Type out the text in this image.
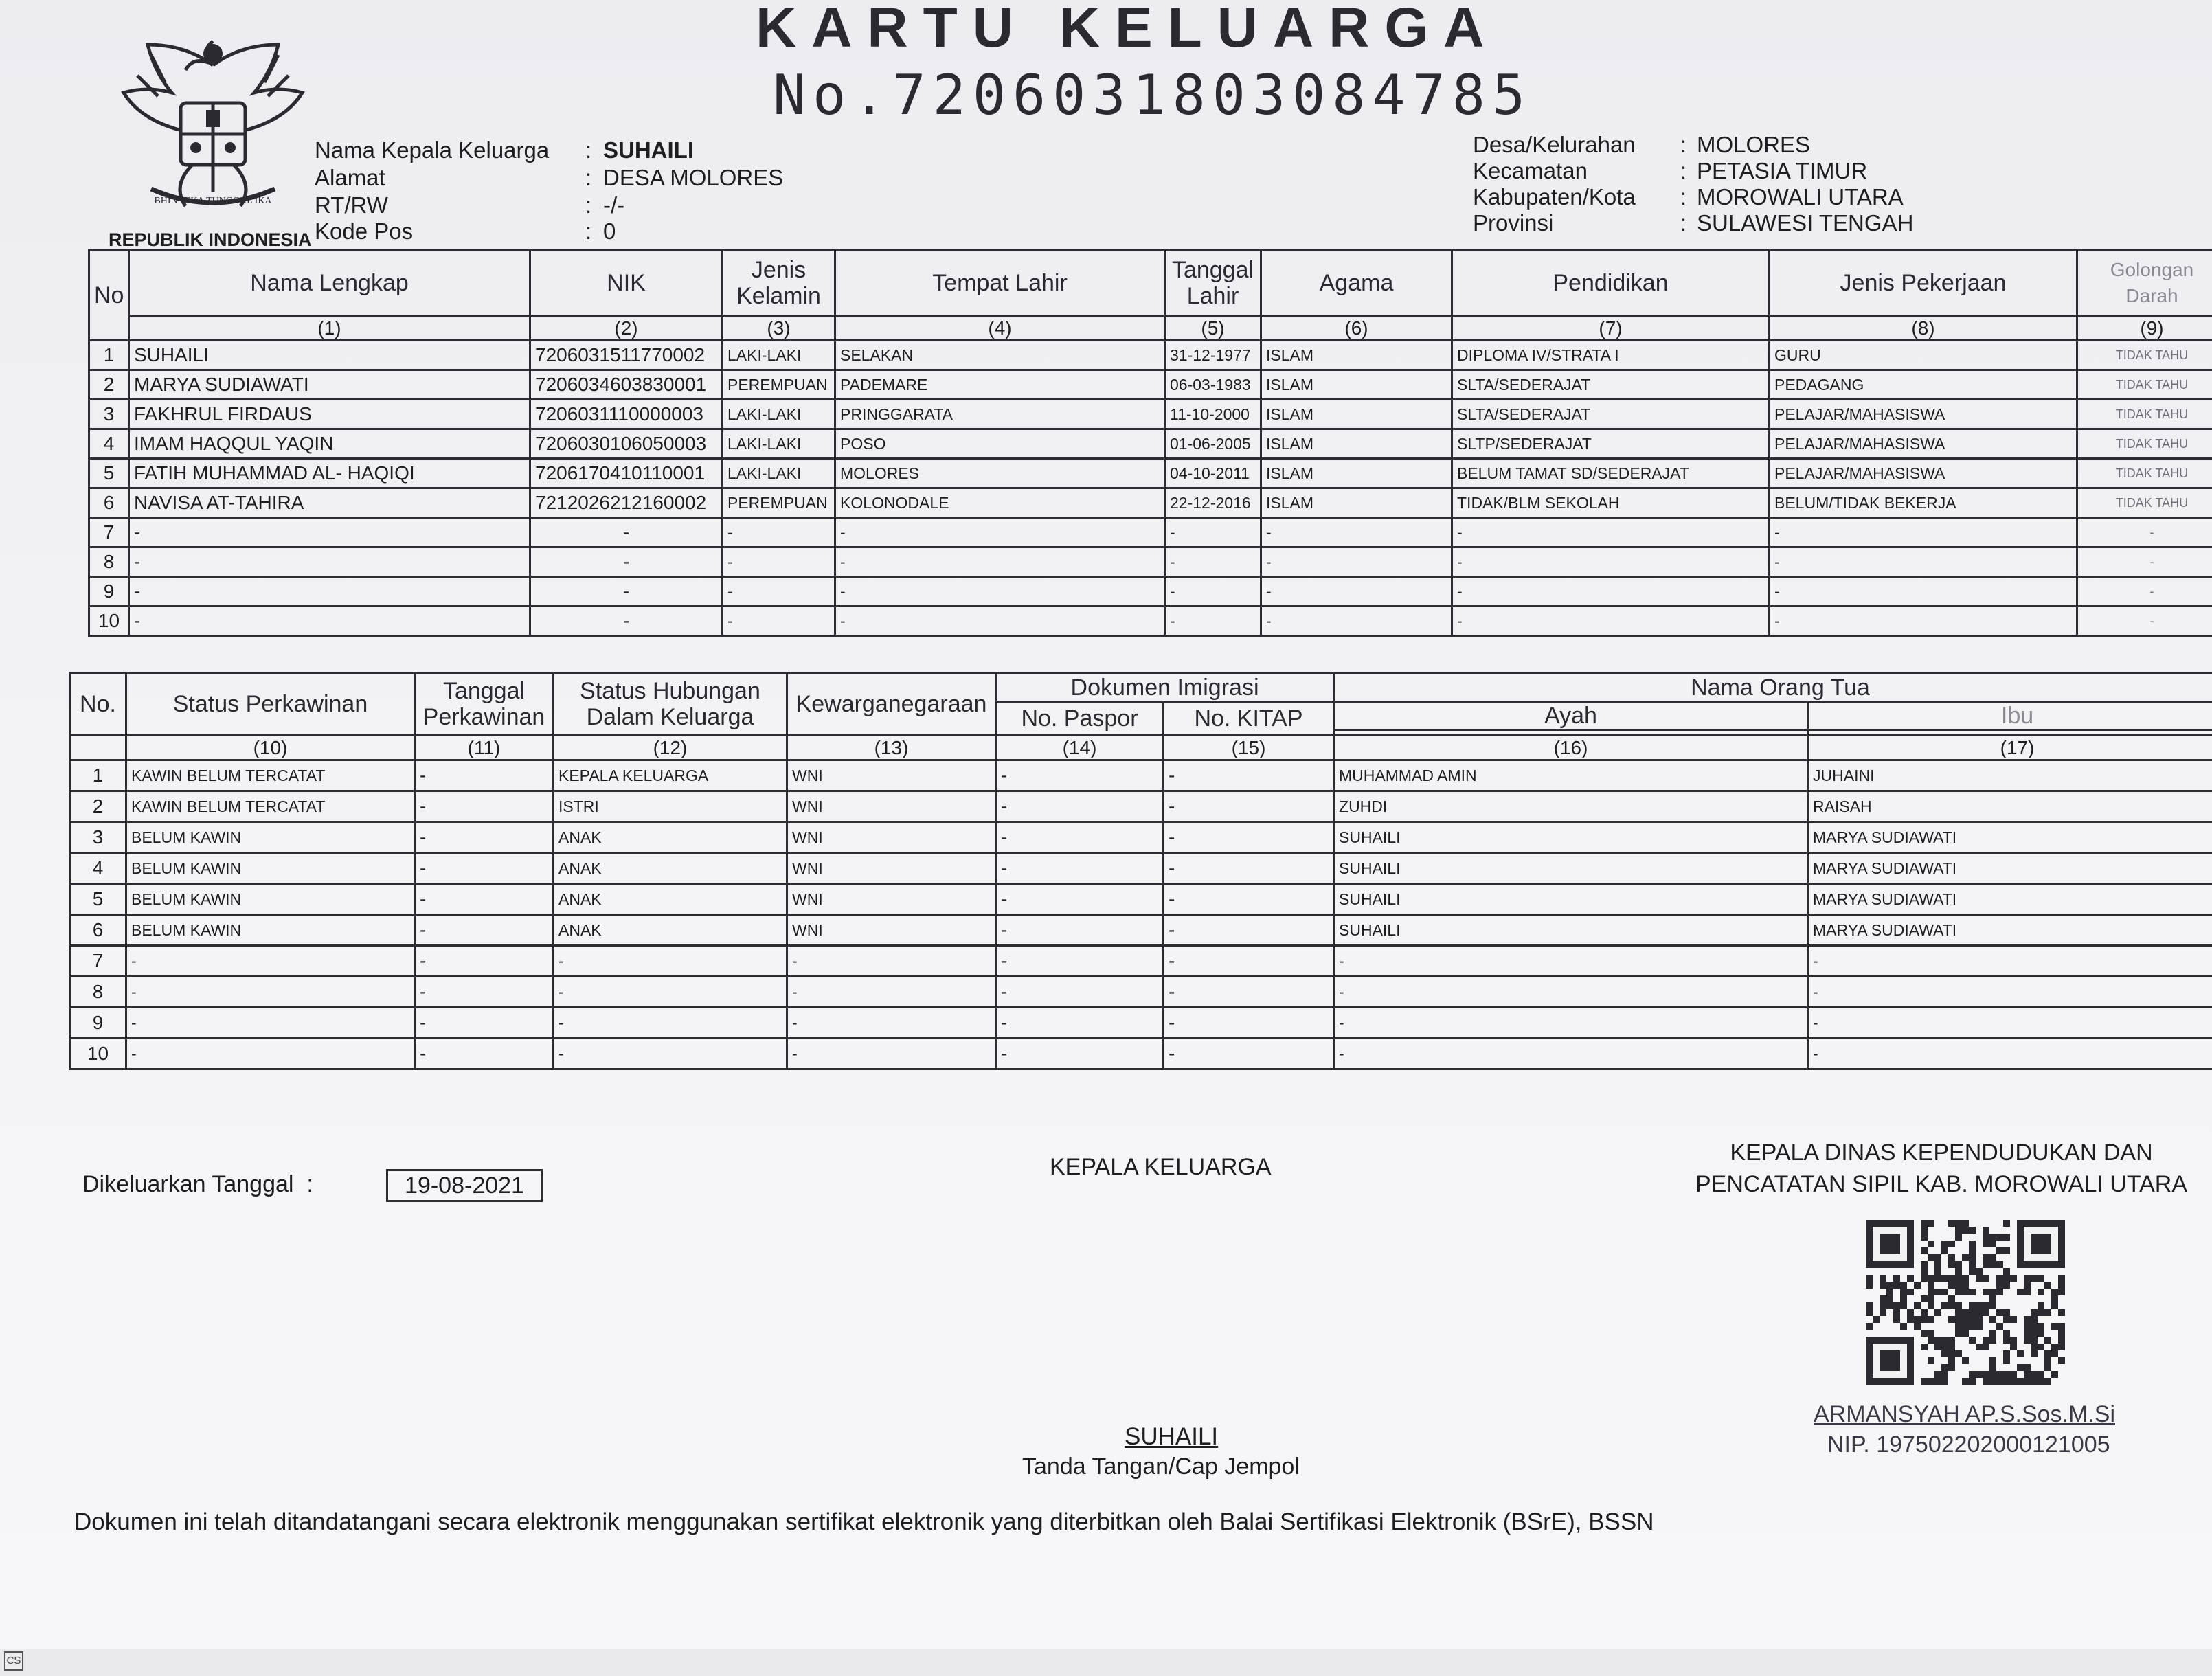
BHINNEKA TUNGGAL IKA
REPUBLIK INDONESIA
KARTU KELUARGA
No.7206031803084785
Nama Kepala Keluarga : SUHAILI
Alamat	: DESA MOLORES
RT/RW	: -/-
Kode Pos	: 0
Desa/Kelurahan : MOLORES
Kecamatan	: PETASIA TIMUR
Kabupaten/Kota : MOROWALI UTARA
Provinsi	: SULAWESI TENGAH
No	Nama Lengkap	NIK	Jenis Kelamin	Tempat Lahir	Tanggal Lahir	Agama	Pendidikan	Jenis Pekerjaan	Golongan Darah
	(1)	(2)	(3)	(4)	(5)	(6)	(7)	(8)	(9)
1	SUHAILI	7206031511770002	LAKI-LAKI	SELAKAN	31-12-1977	ISLAM	DIPLOMA IV/STRATA I	GURU	TIDAK TAHU
2	MARYA SUDIAWATI	7206034603830001	PEREMPUAN	PADEMARE	06-03-1983	ISLAM	SLTA/SEDERAJAT	PEDAGANG	TIDAK TAHU
3	FAKHRUL FIRDAUS	7206031110000003	LAKI-LAKI	PRINGGARATA	11-10-2000	ISLAM	SLTA/SEDERAJAT	PELAJAR/MAHASISWA	TIDAK TAHU
4	IMAM HAQQUL YAQIN	7206030106050003	LAKI-LAKI	POSO	01-06-2005	ISLAM	SLTP/SEDERAJAT	PELAJAR/MAHASISWA	TIDAK TAHU
5	FATIH MUHAMMAD AL- HAQIQI	7206170410110001	LAKI-LAKI	MOLORES	04-10-2011	ISLAM	BELUM TAMAT SD/SEDERAJAT	PELAJAR/MAHASISWA	TIDAK TAHU
6	NAVISA AT-TAHIRA	7212026212160002	PEREMPUAN	KOLONODALE	22-12-2016	ISLAM	TIDAK/BLM SEKOLAH	BELUM/TIDAK BEKERJA	TIDAK TAHU
7	-	-	-	-	-	-	-	-	-
8	-	-	-	-	-	-	-	-	-
9	-	-	-	-	-	-	-	-	-
10	-	-	-	-	-	-	-	-	-
No.	Status Perkawinan	Tanggal Perkawinan	Status Hubungan Dalam Keluarga	Kewarganegaraan	Dokumen Imigrasi		Nama Orang Tua	
					No. Paspor	No. KITAP	Ayah	Ibu

	(10)	(11)	(12)	(13)	(14)	(15)	(16)	(17)
1	KAWIN BELUM TERCATAT	-	KEPALA KELUARGA	WNI	-	-	MUHAMMAD AMIN	JUHAINI
2	KAWIN BELUM TERCATAT	-	ISTRI	WNI	-	-	ZUHDI	RAISAH
3	BELUM KAWIN	-	ANAK	WNI	-	-	SUHAILI	MARYA SUDIAWATI
4	BELUM KAWIN	-	ANAK	WNI	-	-	SUHAILI	MARYA SUDIAWATI
5	BELUM KAWIN	-	ANAK	WNI	-	-	SUHAILI	MARYA SUDIAWATI
6	BELUM KAWIN	-	ANAK	WNI	-	-	SUHAILI	MARYA SUDIAWATI
7	-	-	-	-	-	-	-	-
8	-	-	-	-	-	-	-	-
9	-	-	-	-	-	-	-	-
10	-	-	-	-	-	-	-	-
Dikeluarkan Tanggal  :	19-08-2021
KEPALA KELUARGA
KEPALA DINAS KEPENDUDUKAN DAN
PENCATATAN SIPIL KAB. MOROWALI UTARA
SUHAILI
Tanda Tangan/Cap Jempol
ARMANSYAH AP.S.Sos.M.Si
NIP. 197502202000121005
Dokumen ini telah ditandatangani secara elektronik menggunakan sertifikat elektronik yang diterbitkan oleh Balai Sertifikasi Elektronik (BSrE), BSSN
CS
